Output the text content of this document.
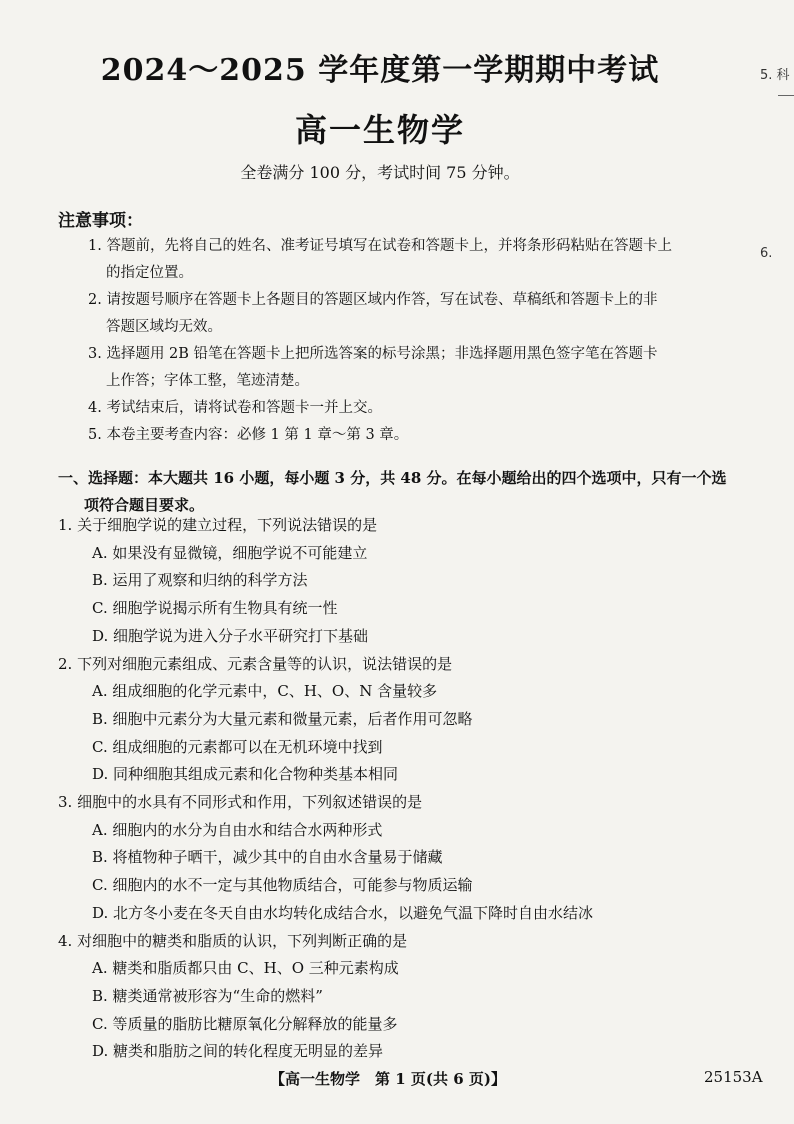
2024～2025 学年度第一学期期中考试
高一生物学
全卷满分 100 分，考试时间 75 分钟。
注意事项：
1. 答题前，先将自己的姓名、准考证号填写在试卷和答题卡上，并将条形码粘贴在答题卡上
的指定位置。
2. 请按题号顺序在答题卡上各题目的答题区域内作答，写在试卷、草稿纸和答题卡上的非
答题区域均无效。
3. 选择题用 2B 铅笔在答题卡上把所选答案的标号涂黑；非选择题用黑色签字笔在答题卡
上作答；字体工整，笔迹清楚。
4. 考试结束后，请将试卷和答题卡一并上交。
5. 本卷主要考查内容：必修 1 第 1 章～第 3 章。
一、选择题：本大题共 16 小题，每小题 3 分，共 48 分。在每小题给出的四个选项中，只有一个选
项符合题目要求。
1. 关于细胞学说的建立过程，下列说法错误的是
A. 如果没有显微镜，细胞学说不可能建立
B. 运用了观察和归纳的科学方法
C. 细胞学说揭示所有生物具有统一性
D. 细胞学说为进入分子水平研究打下基础
2. 下列对细胞元素组成、元素含量等的认识，说法错误的是
A. 组成细胞的化学元素中，C、H、O、N 含量较多
B. 细胞中元素分为大量元素和微量元素，后者作用可忽略
C. 组成细胞的元素都可以在无机环境中找到
D. 同种细胞其组成元素和化合物种类基本相同
3. 细胞中的水具有不同形式和作用，下列叙述错误的是
A. 细胞内的水分为自由水和结合水两种形式
B. 将植物种子晒干，减少其中的自由水含量易于储藏
C. 细胞内的水不一定与其他物质结合，可能参与物质运输
D. 北方冬小麦在冬天自由水均转化成结合水，以避免气温下降时自由水结冰
4. 对细胞中的糖类和脂质的认识，下列判断正确的是
A. 糖类和脂质都只由 C、H、O 三种元素构成
B. 糖类通常被形容为“生命的燃料”
C. 等质量的脂肪比糖原氧化分解释放的能量多
D. 糖类和脂肪之间的转化程度无明显的差异
【高一生物学　第 1 页(共 6 页)】	25153A
5. 科
6.
